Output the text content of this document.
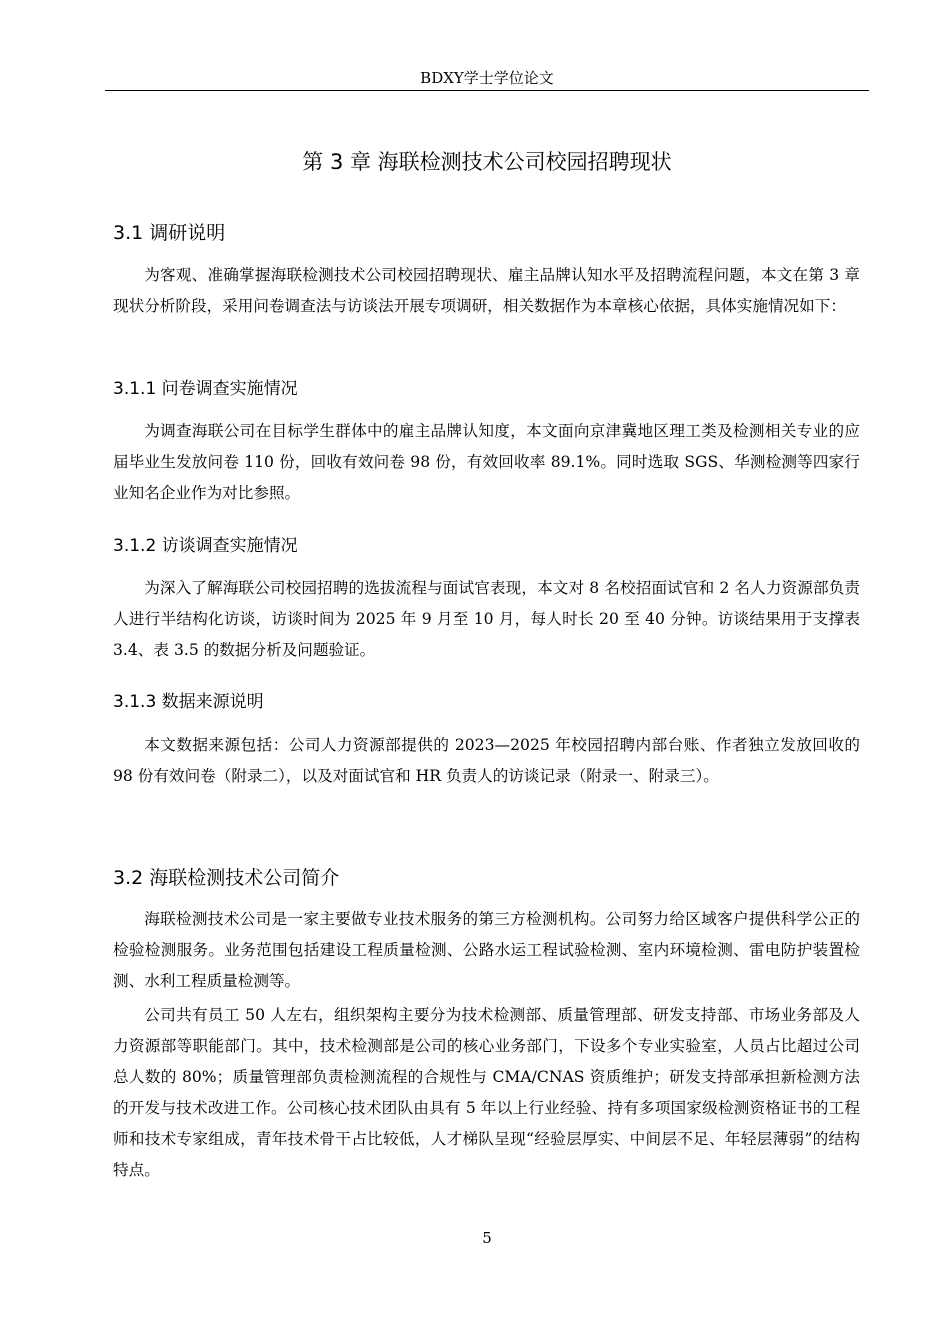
BDXY学士学位论文
第 3 章 海联检测技术公司校园招聘现状
3.1 调研说明

为客观、准确掌握海联检测技术公司校园招聘现状、雇主品牌认知水平及招聘流程问题，本文在第 3 章现状分析阶段，采用问卷调查法与访谈法开展专项调研，相关数据作为本章核心依据，具体实施情况如下：

3.1.1 问卷调查实施情况

为调查海联公司在目标学生群体中的雇主品牌认知度，本文面向京津冀地区理工类及检测相关专业的应届毕业生发放问卷 110 份，回收有效问卷 98 份，有效回收率 89.1%。同时选取 SGS、华测检测等四家行业知名企业作为对比参照。

3.1.2 访谈调查实施情况

为深入了解海联公司校园招聘的选拔流程与面试官表现，本文对 8 名校招面试官和 2 名人力资源部负责人进行半结构化访谈，访谈时间为 2025 年 9 月至 10 月，每人时长 20 至 40 分钟。访谈结果用于支撑表 3.4、表 3.5 的数据分析及问题验证。

3.1.3 数据来源说明

本文数据来源包括：公司人力资源部提供的 2023—2025 年校园招聘内部台账、作者独立发放回收的 98 份有效问卷（附录二），以及对面试官和 HR 负责人的访谈记录（附录一、附录三）。

3.2 海联检测技术公司简介

海联检测技术公司是一家主要做专业技术服务的第三方检测机构。公司努力给区域客户提供科学公正的检验检测服务。业务范围包括建设工程质量检测、公路水运工程试验检测、室内环境检测、雷电防护装置检测、水利工程质量检测等。

公司共有员工 50 人左右，组织架构主要分为技术检测部、质量管理部、研发支持部、市场业务部及人力资源部等职能部门。其中，技术检测部是公司的核心业务部门，下设多个专业实验室，人员占比超过公司总人数的 80%；质量管理部负责检测流程的合规性与 CMA/CNAS 资质维护；研发支持部承担新检测方法的开发与技术改进工作。公司核心技术团队由具有 5 年以上行业经验、持有多项国家级检测资格证书的工程师和技术专家组成，青年技术骨干占比较低，人才梯队呈现“经验层厚实、中间层不足、年轻层薄弱”的结构特点。

5
